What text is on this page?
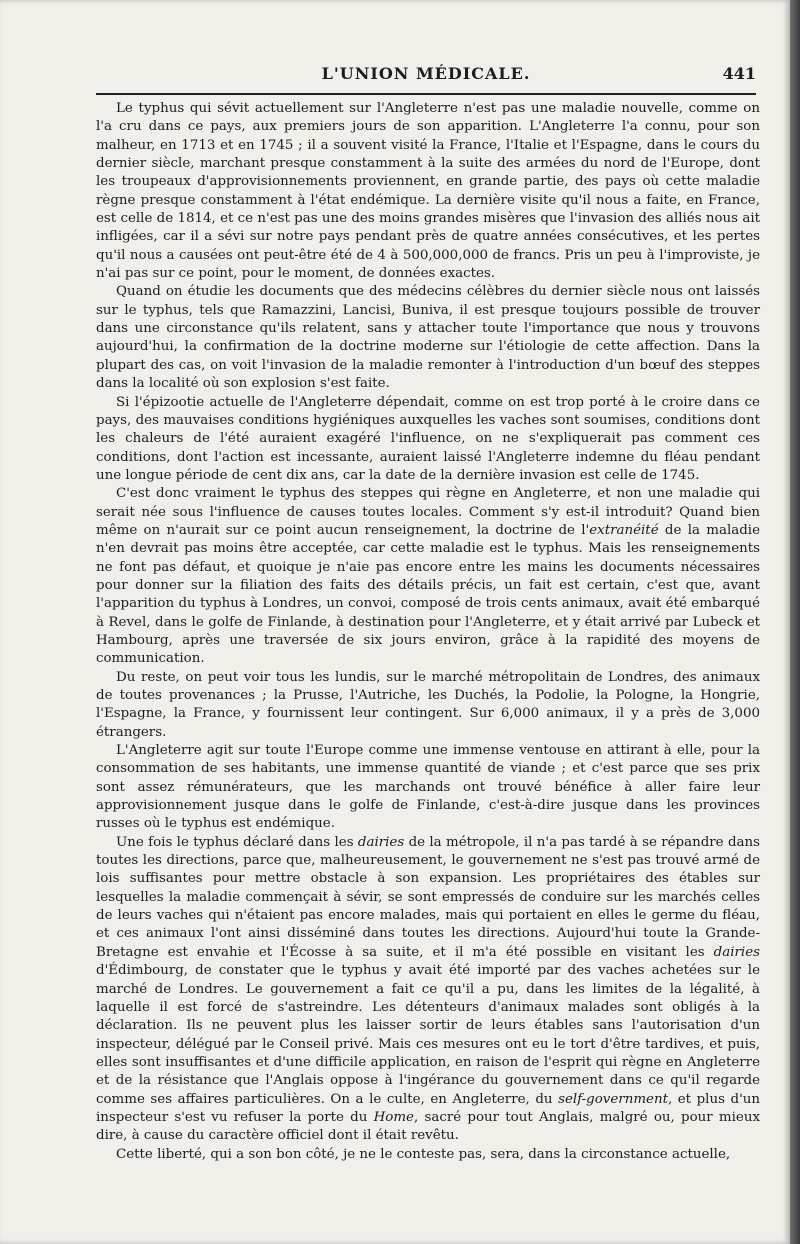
L'UNION MÉDICALE.	441

Le typhus qui sévit actuellement sur l'Angleterre n'est pas une maladie nouvelle, comme on l'a cru dans ce pays, aux premiers jours de son apparition. L'Angleterre l'a connu, pour son malheur, en 1713 et en 1745 ; il a souvent visité la France, l'Italie et l'Espagne, dans le cours du dernier siècle, marchant presque constamment à la suite des armées du nord de l'Europe, dont les troupeaux d'approvisionnements proviennent, en grande partie, des pays où cette maladie règne presque constamment à l'état endémique. La dernière visite qu'il nous a faite, en France, est celle de 1814, et ce n'est pas une des moins grandes misères que l'invasion des alliés nous ait infligées, car il a sévi sur notre pays pendant près de quatre années consécutives, et les pertes qu'il nous a causées ont peut-être été de 4 à 500,000,000 de francs. Pris un peu à l'improviste, je n'ai pas sur ce point, pour le moment, de données exactes.

Quand on étudie les documents que des médecins célèbres du dernier siècle nous ont laissés sur le typhus, tels que Ramazzini, Lancisi, Buniva, il est presque toujours possible de trouver dans une circonstance qu'ils relatent, sans y attacher toute l'importance que nous y trouvons aujourd'hui, la confirmation de la doctrine moderne sur l'étiologie de cette affection. Dans la plupart des cas, on voit l'invasion de la maladie remonter à l'introduction d'un bœuf des steppes dans la localité où son explosion s'est faite.

Si l'épizootie actuelle de l'Angleterre dépendait, comme on est trop porté à le croire dans ce pays, des mauvaises conditions hygiéniques auxquelles les vaches sont soumises, conditions dont les chaleurs de l'été auraient exagéré l'influence, on ne s'expliquerait pas comment ces conditions, dont l'action est incessante, auraient laissé l'Angleterre indemne du fléau pendant une longue période de cent dix ans, car la date de la dernière invasion est celle de 1745.

C'est donc vraiment le typhus des steppes qui règne en Angleterre, et non une maladie qui serait née sous l'influence de causes toutes locales. Comment s'y est-il introduit? Quand bien même on n'aurait sur ce point aucun renseignement, la doctrine de l'extranéité de la maladie n'en devrait pas moins être acceptée, car cette maladie est le typhus. Mais les renseignements ne font pas défaut, et quoique je n'aie pas encore entre les mains les documents nécessaires pour donner sur la filiation des faits des détails précis, un fait est certain, c'est que, avant l'apparition du typhus à Londres, un convoi, composé de trois cents animaux, avait été embarqué à Revel, dans le golfe de Finlande, à destination pour l'Angleterre, et y était arrivé par Lubeck et Hambourg, après une traversée de six jours environ, grâce à la rapidité des moyens de communication.

Du reste, on peut voir tous les lundis, sur le marché métropolitain de Londres, des animaux de toutes provenances ; la Prusse, l'Autriche, les Duchés, la Podolie, la Pologne, la Hongrie, l'Espagne, la France, y fournissent leur contingent. Sur 6,000 animaux, il y a près de 3,000 étrangers.

L'Angleterre agit sur toute l'Europe comme une immense ventouse en attirant à elle, pour la consommation de ses habitants, une immense quantité de viande ; et c'est parce que ses prix sont assez rémunérateurs, que les marchands ont trouvé bénéfice à aller faire leur approvisionnement jusque dans le golfe de Finlande, c'est-à-dire jusque dans les provinces russes où le typhus est endémique.

Une fois le typhus déclaré dans les dairies de la métropole, il n'a pas tardé à se répandre dans toutes les directions, parce que, malheureusement, le gouvernement ne s'est pas trouvé armé de lois suffisantes pour mettre obstacle à son expansion. Les propriétaires des étables sur lesquelles la maladie commençait à sévir, se sont empressés de conduire sur les marchés celles de leurs vaches qui n'étaient pas encore malades, mais qui portaient en elles le germe du fléau, et ces animaux l'ont ainsi disséminé dans toutes les directions. Aujourd'hui toute la Grande-Bretagne est envahie et l'Écosse à sa suite, et il m'a été possible en visitant les dairies d'Édimbourg, de constater que le typhus y avait été importé par des vaches achetées sur le marché de Londres. Le gouvernement a fait ce qu'il a pu, dans les limites de la légalité, à laquelle il est forcé de s'astreindre. Les détenteurs d'animaux malades sont obligés à la déclaration. Ils ne peuvent plus les laisser sortir de leurs étables sans l'autorisation d'un inspecteur, délégué par le Conseil privé. Mais ces mesures ont eu le tort d'être tardives, et puis, elles sont insuffisantes et d'une difficile application, en raison de l'esprit qui règne en Angleterre et de la résistance que l'Anglais oppose à l'ingérance du gouvernement dans ce qu'il regarde comme ses affaires particulières. On a le culte, en Angleterre, du self-government, et plus d'un inspecteur s'est vu refuser la porte du Home, sacré pour tout Anglais, malgré ou, pour mieux dire, à cause du caractère officiel dont il était revêtu.

Cette liberté, qui a son bon côté, je ne le conteste pas, sera, dans la circonstance actuelle,
